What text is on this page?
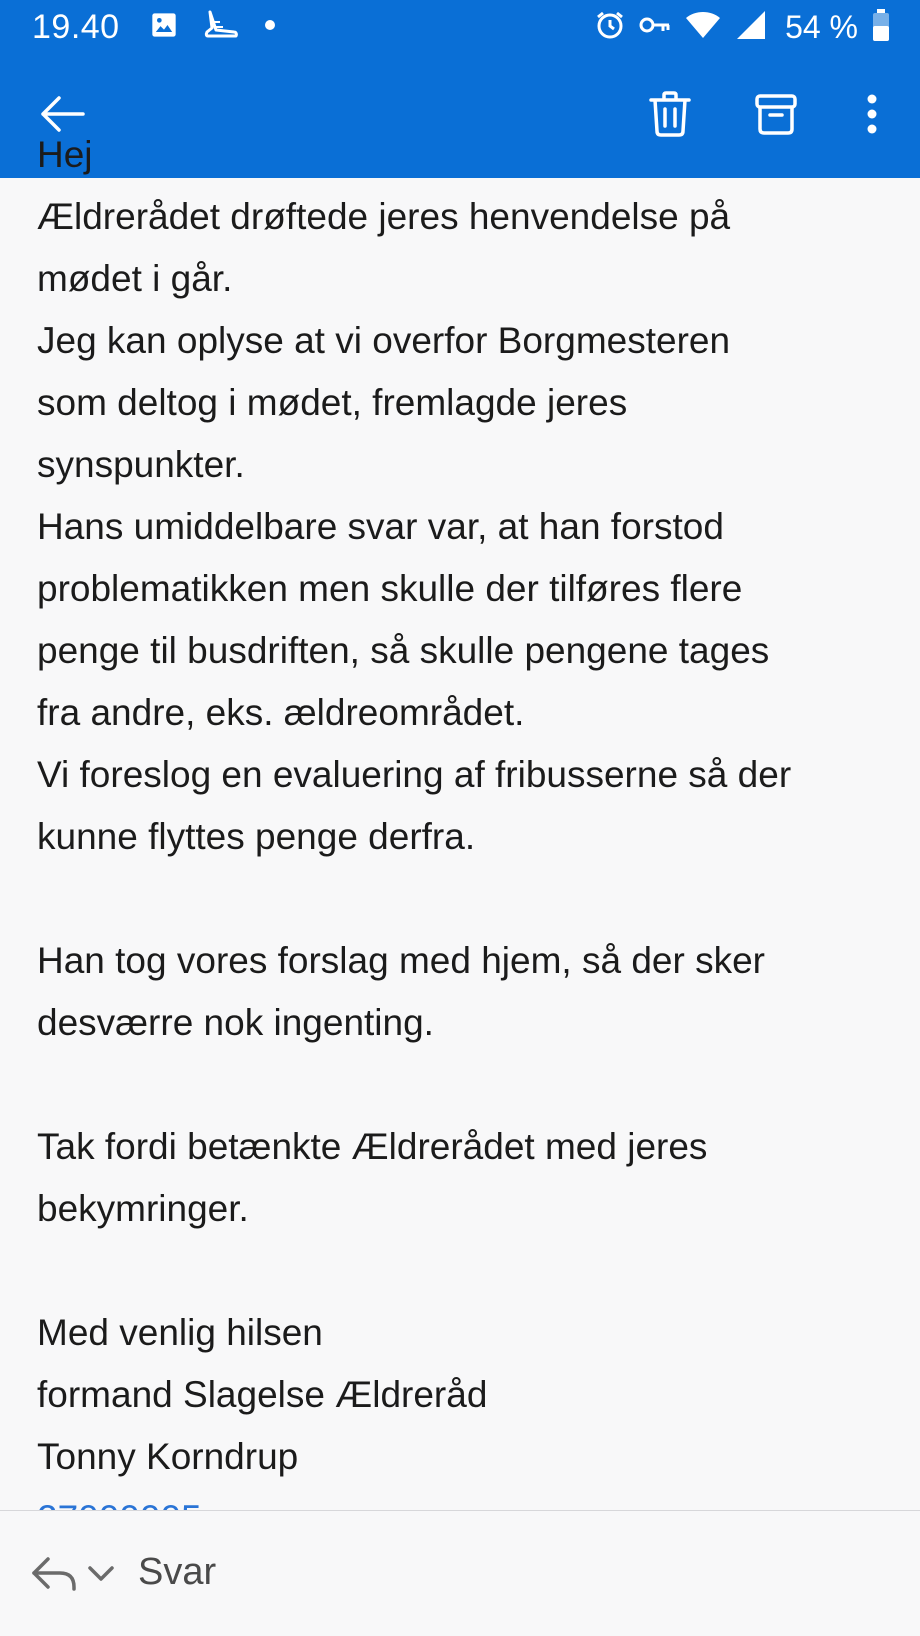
19.40	54 %
Hej
Ældrerådet drøftede jeres henvendelse på
mødet i går.
Jeg kan oplyse at vi overfor Borgmesteren
som deltog i mødet, fremlagde jeres
synspunkter.
Hans umiddelbare svar var, at han forstod
problematikken men skulle der tilføres flere
penge til busdriften, så skulle pengene tages
fra andre, eks. ældreområdet.
Vi foreslog en evaluering af fribusserne så der
kunne flyttes penge derfra.
Han tog vores forslag med hjem, så der sker
desværre nok ingenting.
Tak fordi betænkte Ældrerådet med jeres
bekymringer.
Med venlig hilsen
formand Slagelse Ældreråd
Tonny Korndrup
Svar
